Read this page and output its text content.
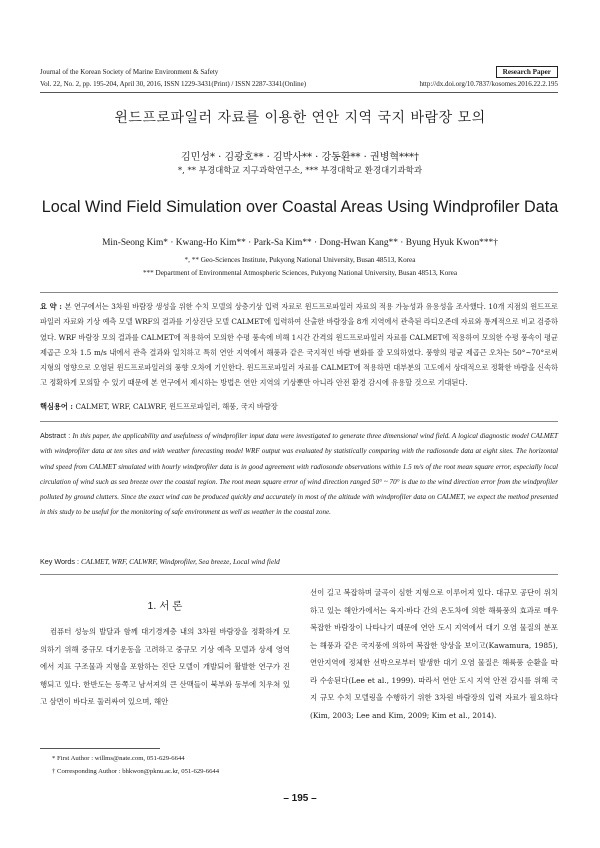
Journal of the Korean Society of Marine Environment & Safety
Vol. 22, No. 2, pp. 195-204, April 30, 2016, ISSN 1229-3431(Print) / ISSN 2287-3341(Online)	http://dx.doi.org/10.7837/kosomes.2016.22.2.195
Research Paper
윈드프로파일러 자료를 이용한 연안 지역 국지 바람장 모의
김민성* · 김광호** · 김박사** · 강동환** · 권병혁***†
*, ** 부경대학교 지구과학연구소, *** 부경대학교 환경대기과학과
Local Wind Field Simulation over Coastal Areas Using Windprofiler Data
Min-Seong Kim* · Kwang-Ho Kim** · Park-Sa Kim** · Dong-Hwan Kang** · Byung Hyuk Kwon***†
*, ** Geo-Sciences Institute, Pukyong National University, Busan 48513, Korea
*** Department of Environmental Atmospheric Sciences, Pukyong National University, Busan 48513, Korea
요 약 : 본 연구에서는 3차원 바람장 생성을 위한 수치 모델의 상층기상 입력 자료로 윈드프로파일러 자료의 적용 가능성과 유용성을 조사했다. 10개 지점의 윈드프로파일러 자료와 기상 예측 모델 WRF의 결과를 기상진단 모델 CALMET에 입력하여 산출한 바람장을 8개 지역에서 관측된 라디오존데 자료와 통계적으로 비교 검증하였다. WRF 바람장 모의 결과를 CALMET에 적용하여 모의한 수평 풍속에 비해 1시간 간격의 윈드프로파일러 자료를 CALMET에 적용하여 모의한 수평 풍속이 평균 제곱근 오차 1.5 m/s 내에서 관측 결과와 일치하고 특히 연안 지역에서 해풍과 같은 국지적인 바람 변화를 잘 모의하였다. 풍향의 평균 제곱근 오차는 50°~70°로써 지형의 영향으로 오염된 윈드프로파일러의 풍향 오차에 기인한다. 윈드프로파일러 자료를 CALMET에 적용하면 대부분의 고도에서 상대적으로 정확한 바람을 신속하고 정확하게 모의할 수 있기 때문에 본 연구에서 제시하는 방법은 연안 지역의 기상뿐만 아니라 안전 환경 감시에 유용할 것으로 기대된다.
핵심용어 : CALMET, WRF, CALWRF, 윈드프로파일러, 해풍, 국지 바람장
Abstract : In this paper, the applicability and usefulness of windprofiler input data were investigated to generate three dimensional wind field. A logical diagnostic model CALMET with windprofiler data at ten sites and with weather forecasting model WRF output was evaluated by statistically comparing with the radiosonde data at eight sites. The horizontal wind speed from CALMET simulated with hourly windprofiler data is in good agreement with radiosonde observations within 1.5 m/s of the root mean square error, especially local circulation of wind such as sea breeze over the coastal region. The root mean square error of wind direction ranged 50° ~ 70° is due to the wind direction error from the windprofiler polluted by ground clutters. Since the exact wind can be produced quickly and accurately in most of the altitude with windprofiler data on CALMET, we expect the method presented in this study to be useful for the monitoring of safe environment as well as weather in the coastal zone.
Key Words : CALMET, WRF, CALWRF, Windprofiler, Sea breeze, Local wind field
1. 서 론
컴퓨터 성능의 발달과 함께 대기경계층 내의 3차원 바람장을 정확하게 모의하기 위해 중규모 대기운동을 고려하고 중규모 기상 예측 모델과 상세 영역에서 지표 구조물과 지형을 포함하는 진단 모델이 개발되어 활발한 연구가 진행되고 있다. 한반도는 동쪽고 남서져의 큰 산맥들이 북부와 동부에 치우쳐 있고 삼면이 바다로 둘러싸여 있으며, 해안
선이 길고 복잡하며 굴곡이 심한 지형으로 이루어져 있다. 대규모 공단이 위치하고 있는 해안가에서는 육지-바다 간의 온도차에 의한 해륙풍의 효과로 매우 복잡한 바람장이 나타나기 때문에 연안 도시 지역에서 대기 오염 물질의 분포는 해풍과 같은 국지풍에 의하여 복잡한 양상을 보이고(Kawamura, 1985), 연안지역에 정체한 선박으로부터 발생한 대기 오염 물질은 해륙풍 순환을 따라 수송된다(Lee et al., 1999). 따라서 연안 도시 지역 안전 감시를 위해 국지 규모 수치 모델링을 수행하기 위한 3차원 바람장의 입력 자료가 필요하다 (Kim, 2003; Lee and Kim, 2009; Kim et al., 2014).
* First Author : willms@nate.com, 051-629-6644
† Corresponding Author : bhkwon@pknu.ac.kr, 051-629-6644
– 195 –
